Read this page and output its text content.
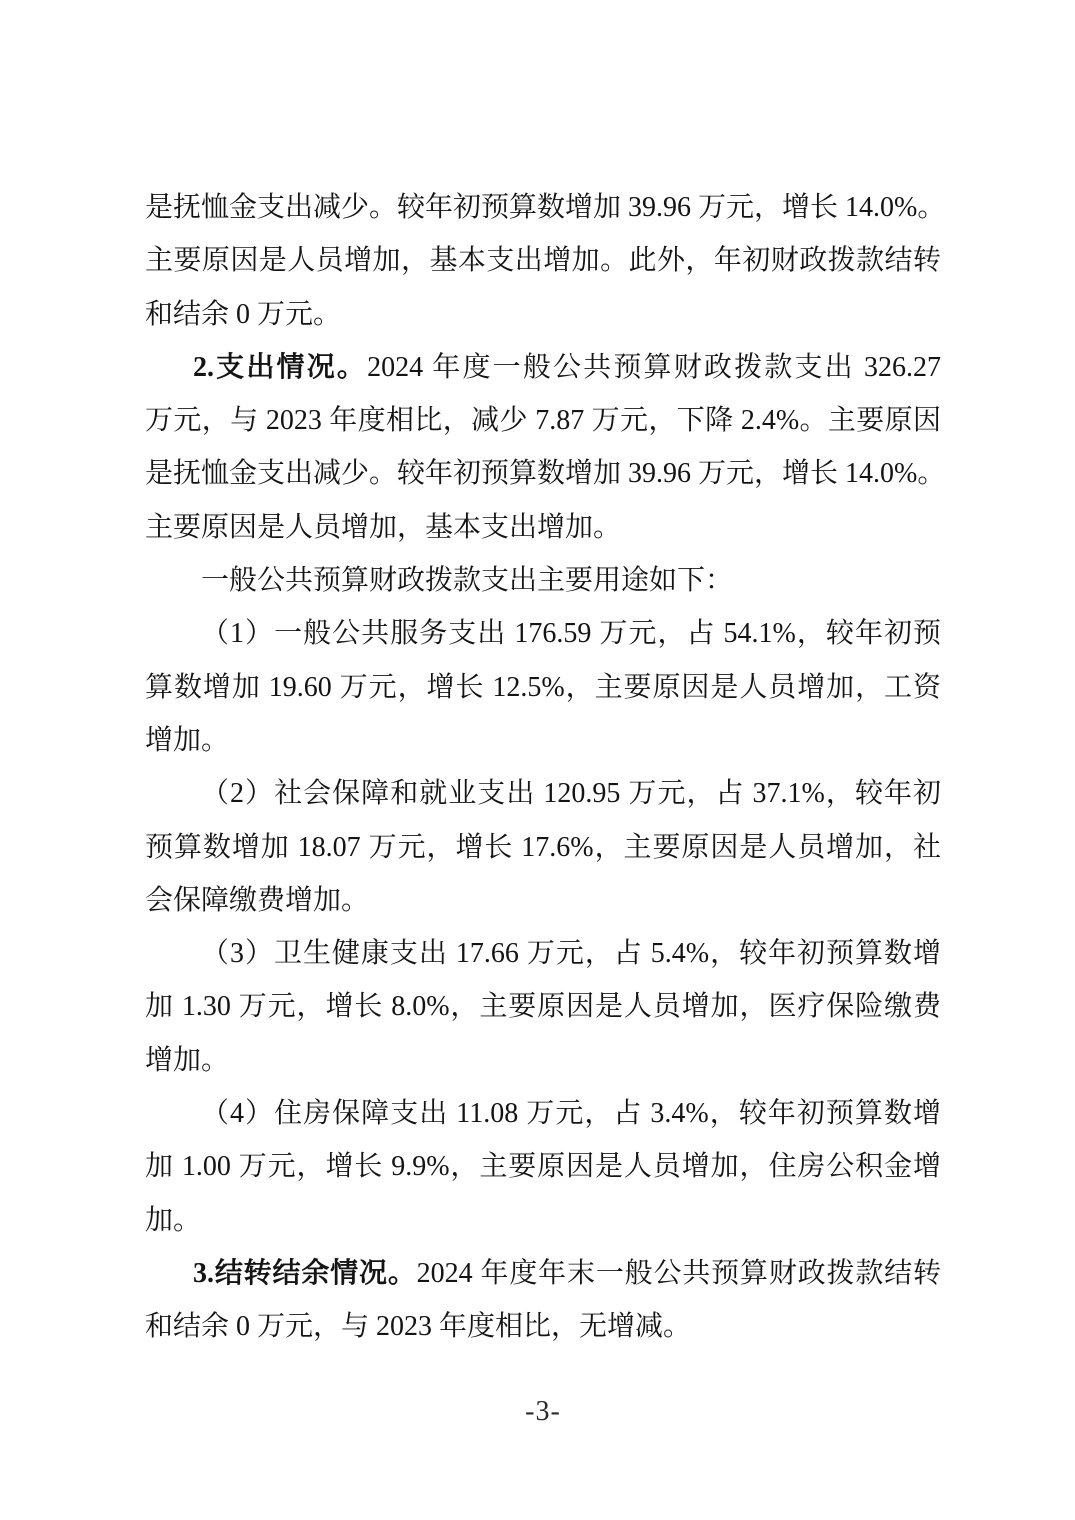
是抚恤金支出减少。较年初预算数增加 39.96 万元，增长 14.0%。
主要原因是人员增加，基本支出增加。此外，年初财政拨款结转
和结余 0 万元。
2.支出情况。2024 年度一般公共预算财政拨款支出 326.27
万元，与 2023 年度相比，减少 7.87 万元，下降 2.4%。主要原因
是抚恤金支出减少。较年初预算数增加 39.96 万元，增长 14.0%。
主要原因是人员增加，基本支出增加。
一般公共预算财政拨款支出主要用途如下：
（1）一般公共服务支出 176.59 万元，占 54.1%，较年初预
算数增加 19.60 万元，增长 12.5%，主要原因是人员增加，工资
增加。
（2）社会保障和就业支出 120.95 万元，占 37.1%，较年初
预算数增加 18.07 万元，增长 17.6%，主要原因是人员增加，社
会保障缴费增加。
（3）卫生健康支出 17.66 万元，占 5.4%，较年初预算数增
加 1.30 万元，增长 8.0%，主要原因是人员增加，医疗保险缴费
增加。
（4）住房保障支出 11.08 万元，占 3.4%，较年初预算数增
加 1.00 万元，增长 9.9%，主要原因是人员增加，住房公积金增
加。
3.结转结余情况。2024 年度年末一般公共预算财政拨款结转
和结余 0 万元，与 2023 年度相比，无增减。
-3-
